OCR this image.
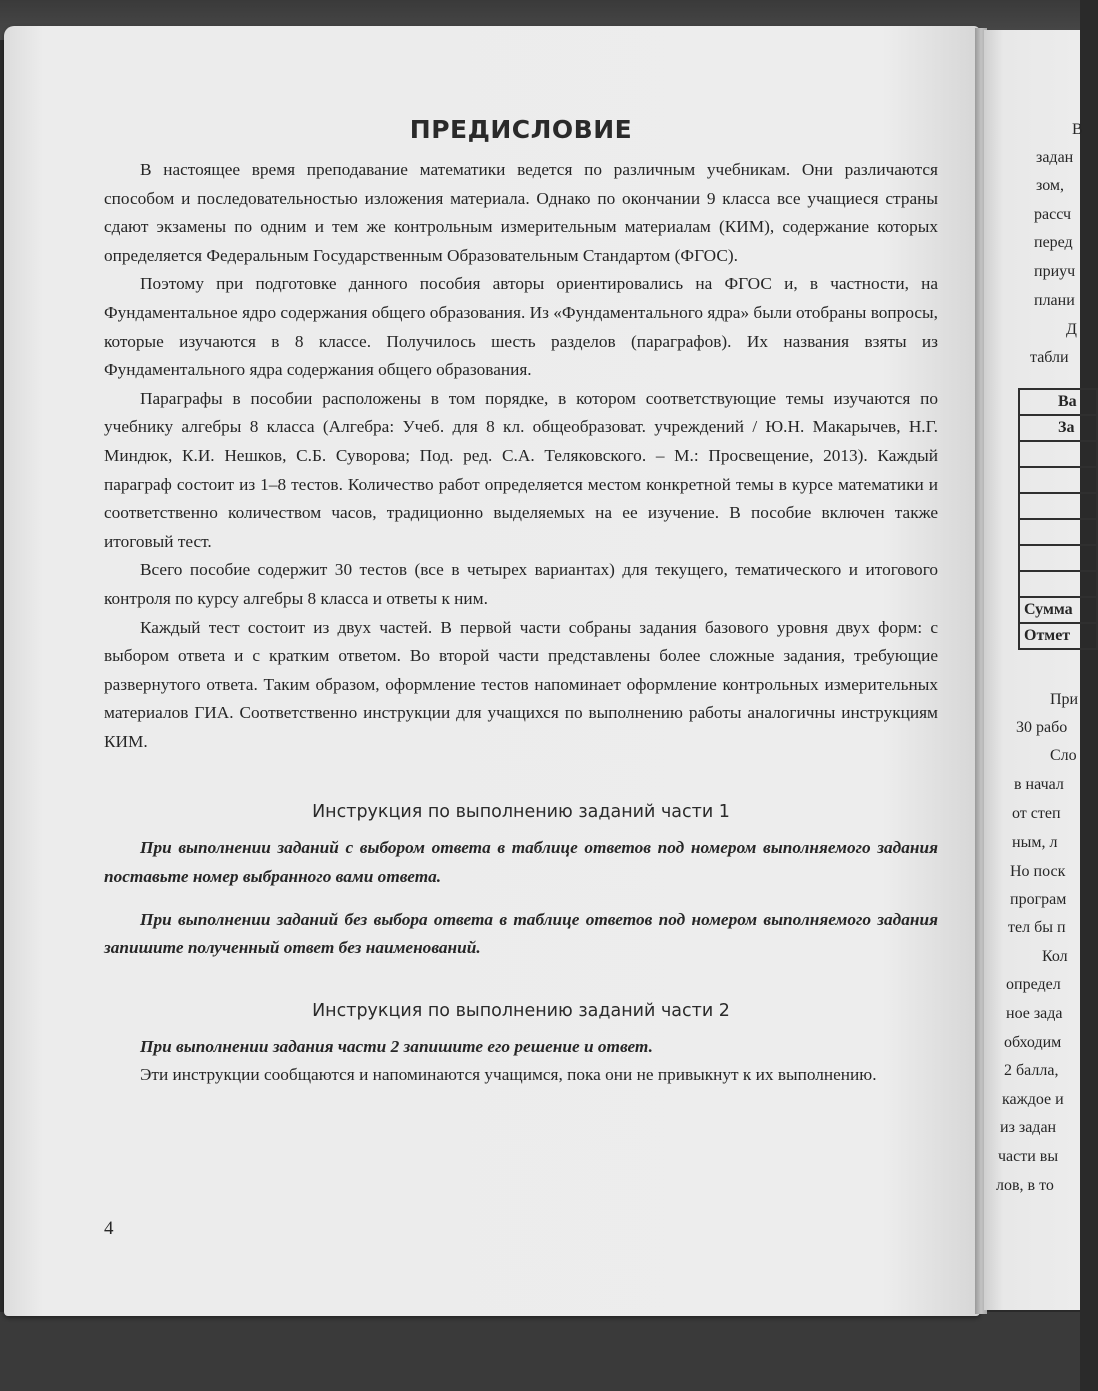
ПРЕДИСЛОВИЕ

В настоящее время преподавание математики ведется по различным учебникам. Они различаются способом и последовательностью изложения материала. Однако по окончании 9 класса все учащиеся страны сдают экзамены по одним и тем же контрольным измерительным материалам (КИМ), содержание которых определяется Федеральным Государственным Образовательным Стандартом (ФГОС).

Поэтому при подготовке данного пособия авторы ориентировались на ФГОС и, в частности, на Фундаментальное ядро содержания общего образования. Из «Фундаментального ядра» были отобраны вопросы, которые изучаются в 8 классе. Получилось шесть разделов (параграфов). Их названия взяты из Фундаментального ядра содержания общего образования.

Параграфы в пособии расположены в том порядке, в котором соответствующие темы изучаются по учебнику алгебры 8 класса (Алгебра: Учеб. для 8 кл. общеобразоват. учреждений / Ю.Н. Макарычев, Н.Г. Миндюк, К.И. Нешков, С.Б. Суворова; Под. ред. С.А. Теляковского. – М.: Просвещение, 2013). Каждый параграф состоит из 1–8 тестов. Количество работ определяется местом конкретной темы в курсе математики и соответственно количеством часов, традиционно выделяемых на ее изучение. В пособие включен также итоговый тест.

Всего пособие содержит 30 тестов (все в четырех вариантах) для текущего, тематического и итогового контроля по курсу алгебры 8 класса и ответы к ним.

Каждый тест состоит из двух частей. В первой части собраны задания базового уровня двух форм: с выбором ответа и с кратким ответом. Во второй части представлены более сложные задания, требующие развернутого ответа. Таким образом, оформление тестов напоминает оформление контрольных измерительных материалов ГИА. Соответственно инструкции для учащихся по выполнению работы аналогичны инструкциям КИМ.

Инструкция по выполнению заданий части 1

При выполнении заданий с выбором ответа в таблице ответов под номером выполняемого задания поставьте номер выбранного вами ответа.

При выполнении заданий без выбора ответа в таблице ответов под номером выполняемого задания запишите полученный ответ без наименований.

Инструкция по выполнению заданий части 2

При выполнении задания части 2 запишите его решение и ответ.

Эти инструкции сообщаются и напоминаются учащимся, пока они не привыкнут к их выполнению.

4
В
задан
зом,
рассч
перед
приуч
плани
Д
табли
Ва
За

Сумма
Отмет
При
30 рабо
Сло
в начал
от степ
ным, л
Но поск
програм
тел бы п
Кол
определ
ное зада
обходим
2 балла,
каждое и
из задан
части вы
лов, в то
